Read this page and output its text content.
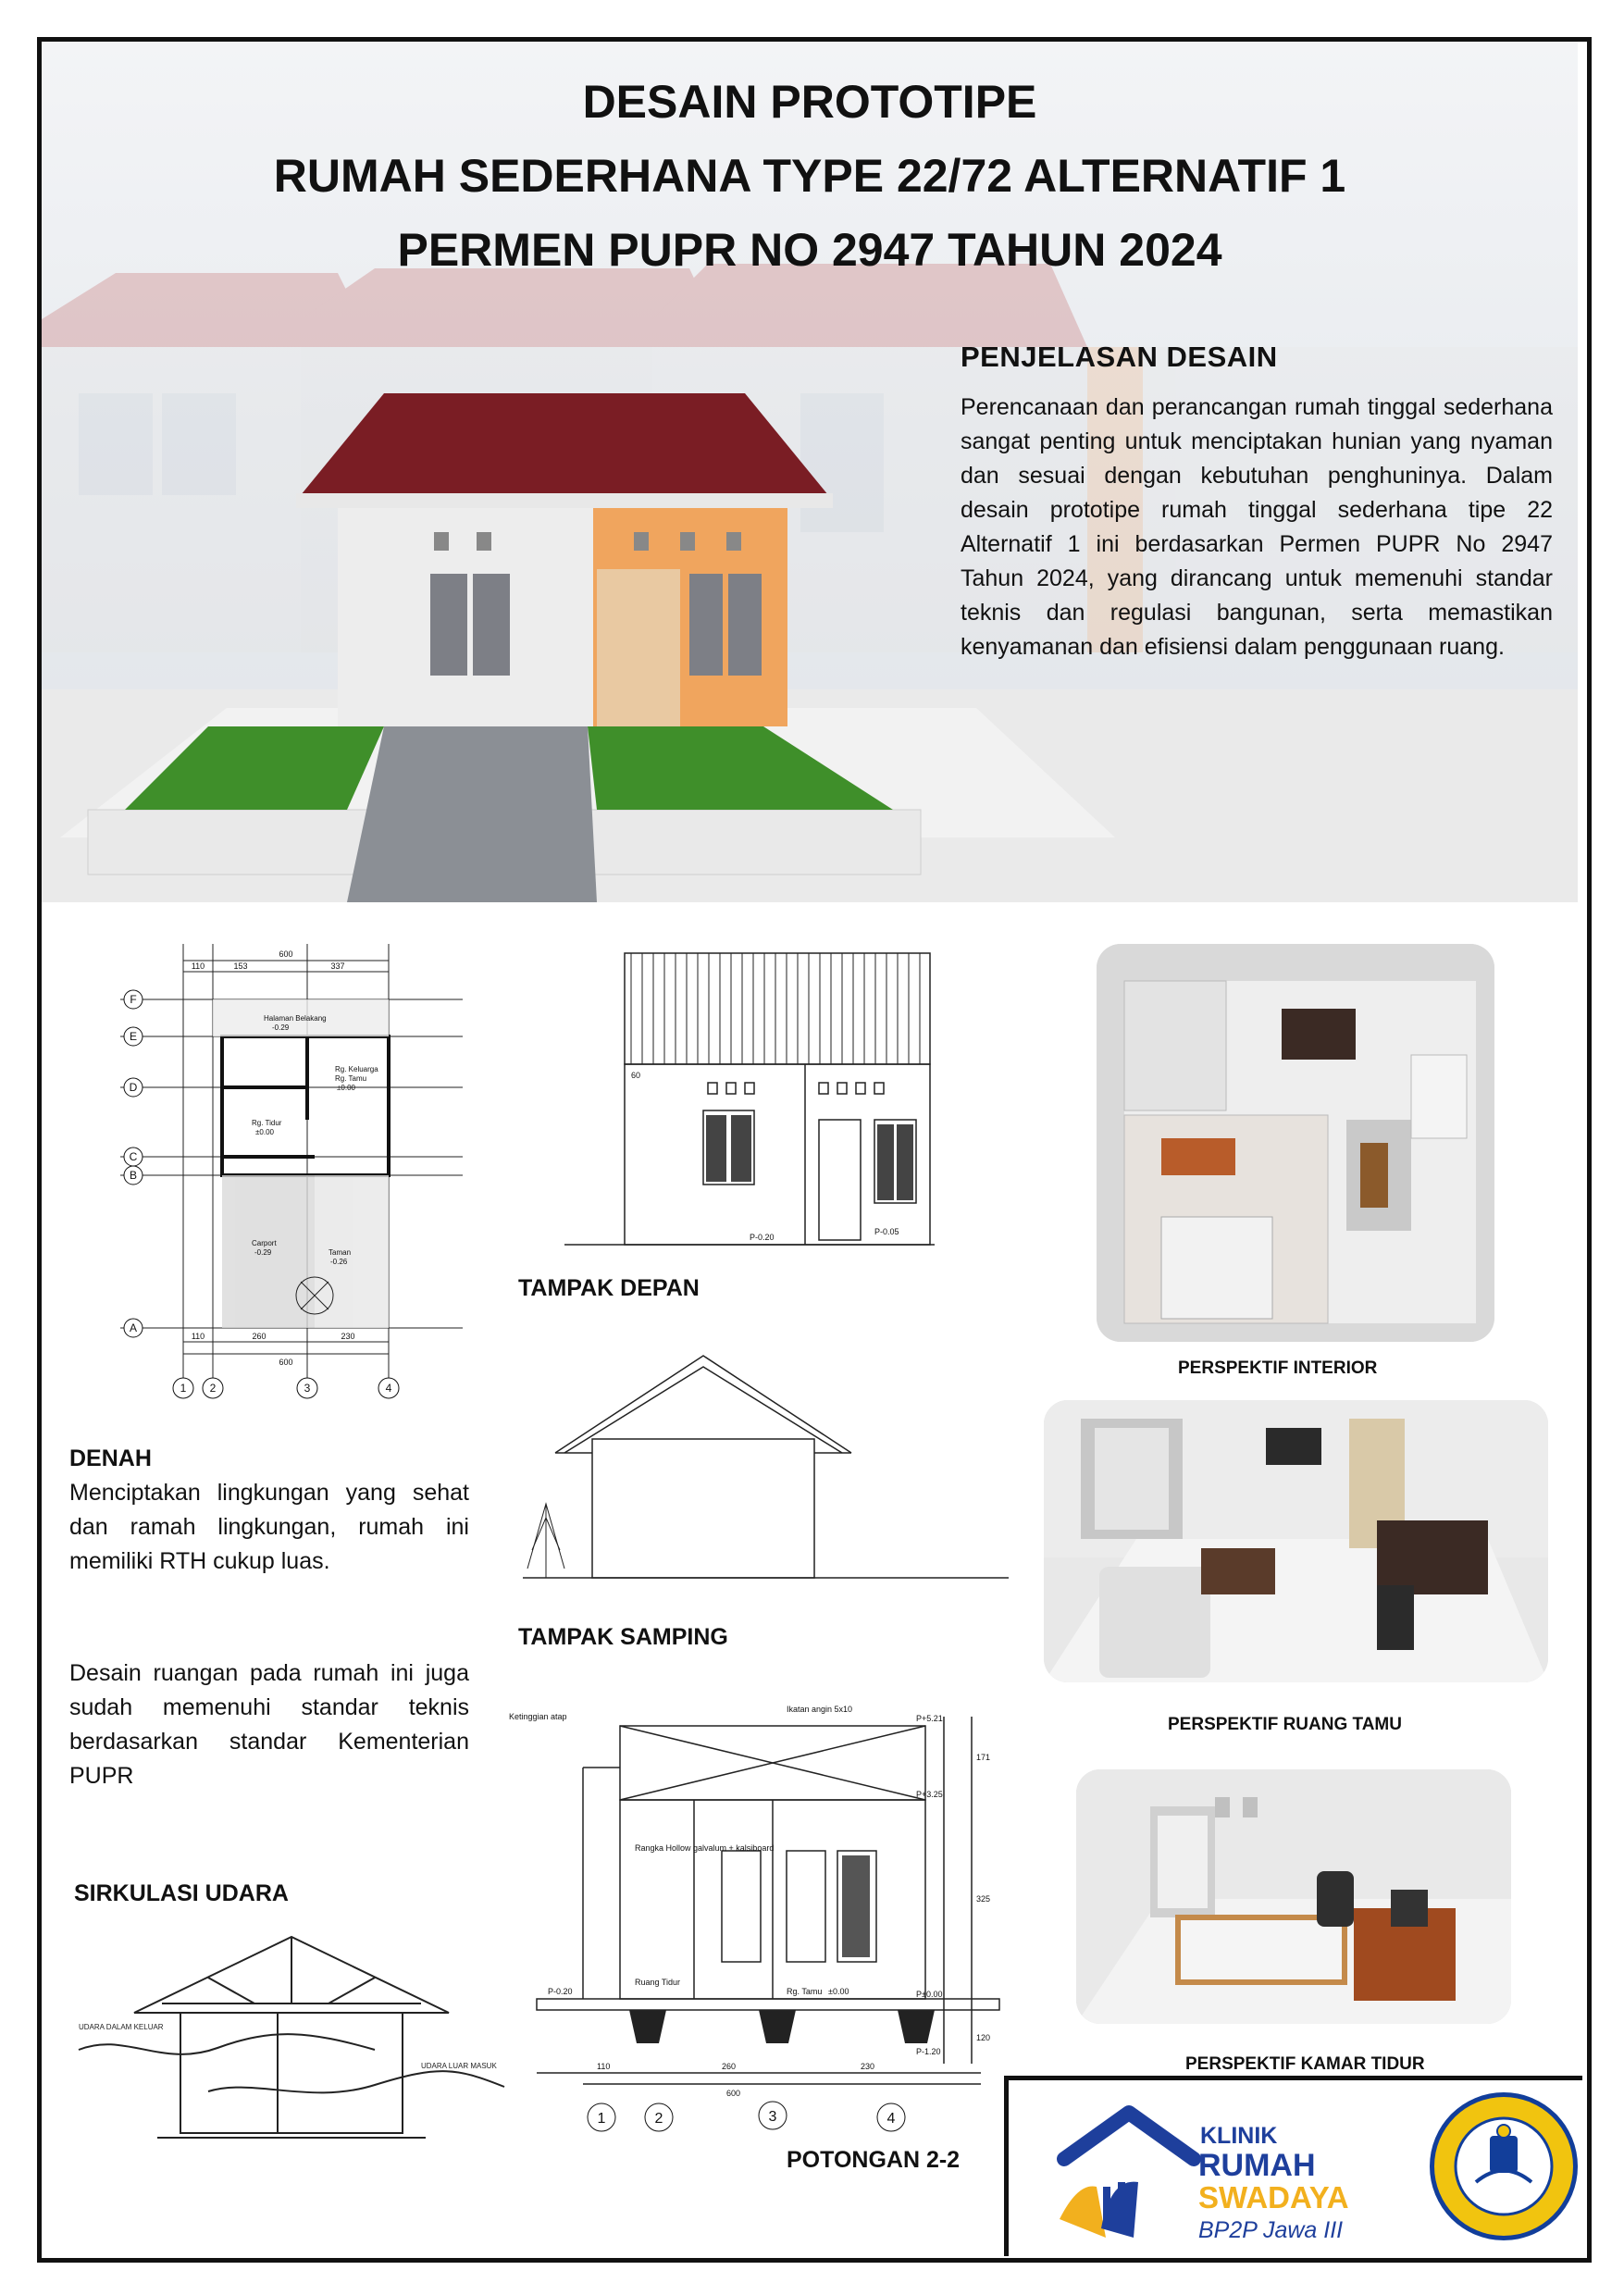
DESAIN PROTOTIPE
RUMAH SEDERHANA TYPE 22/72 ALTERNATIF 1
PERMEN PUPR NO 2947 TAHUN 2024
PENJELASAN DESAIN
Perencanaan dan perancangan rumah tinggal sederhana sangat penting untuk menciptakan hunian yang nyaman dan sesuai dengan kebutuhan penghuninya. Dalam desain prototipe rumah tinggal sederhana tipe 22 Alternatif 1 ini berdasarkan Permen PUPR No 2947 Tahun 2024, yang dirancang untuk memenuhi standar teknis dan regulasi bangunan, serta memastikan kenyamanan dan efisiensi dalam penggunaan ruang.
Halaman Belakang
-0.29
Rg. Keluarga
Rg. Tamu
±0.00
Rg. Tidur
±0.00
Carport
-0.29	Taman
-0.26
600
110	153	337
110	260	230
600
F
E
D
C
B
A
1 2	3	4
DENAH
Menciptakan lingkungan yang sehat dan ramah lingkungan, rumah ini memiliki RTH cukup luas.
Desain ruangan pada rumah ini juga sudah memenuhi standar teknis berdasarkan standar Kementerian PUPR
SIRKULASI UDARA
UDARA DALAM KELUAR
UDARA LUAR MASUK
60
P-0.05
P-0.20
TAMPAK DEPAN
TAMPAK SAMPING
Ketinggian atap
Ikatan angin 5x10
Rangka Hollow galvalum + kalsiboard
Ruang Tidur
Rg. Tamu ±0.00
P-0.20
P+5.21
P+3.25
P±0.00
P-1.20
171
325
120
110	260	230
600
1	2	3	4
POTONGAN 2-2
PERSPEKTIF INTERIOR
PERSPEKTIF RUANG TAMU
PERSPEKTIF KAMAR TIDUR
KLINIK
RUMAH
SWADAYA
BP2P Jawa III
